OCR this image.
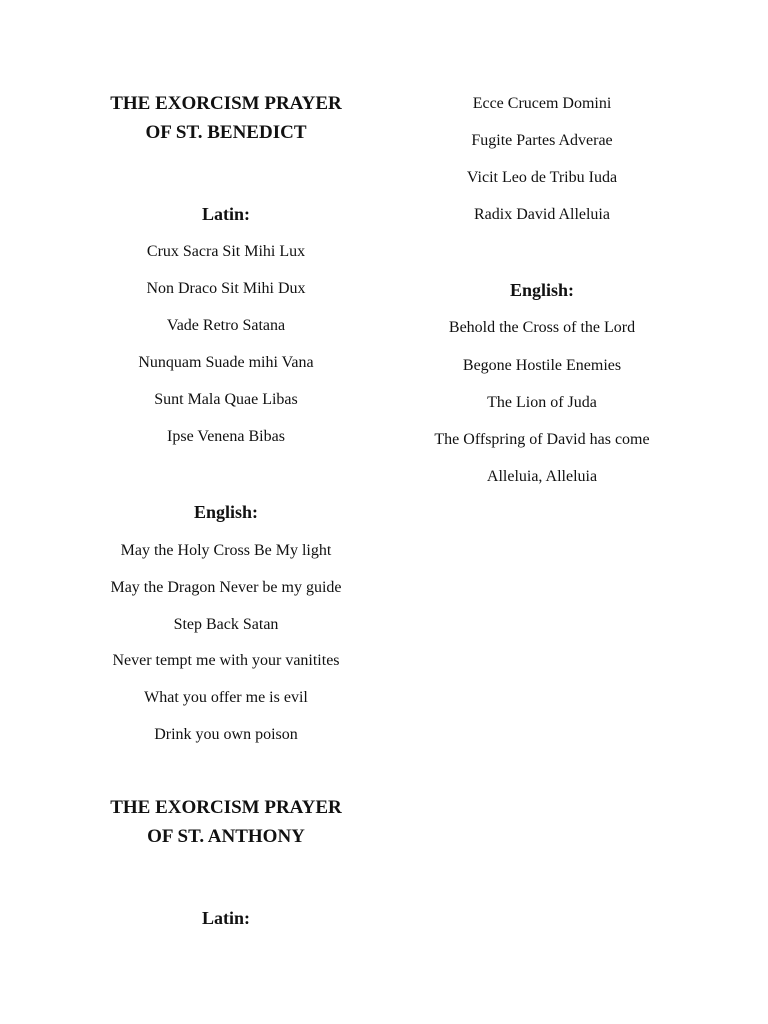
THE EXORCISM PRAYER
OF ST. BENEDICT
Latin:
Crux Sacra Sit Mihi Lux
Non Draco Sit Mihi Dux
Vade Retro Satana
Nunquam Suade mihi Vana
Sunt Mala Quae Libas
Ipse Venena Bibas
English:
May the Holy Cross Be My light
May the Dragon Never be my guide
Step Back Satan
Never tempt me with your vanitites
What you offer me is evil
Drink you own poison
THE EXORCISM PRAYER
OF ST. ANTHONY
Latin:
Ecce Crucem Domini
Fugite Partes Adverae
Vicit Leo de Tribu Iuda
Radix David Alleluia
English:
Behold the Cross of the Lord
Begone Hostile Enemies
The Lion of Juda
The Offspring of David has come
Alleluia, Alleluia
